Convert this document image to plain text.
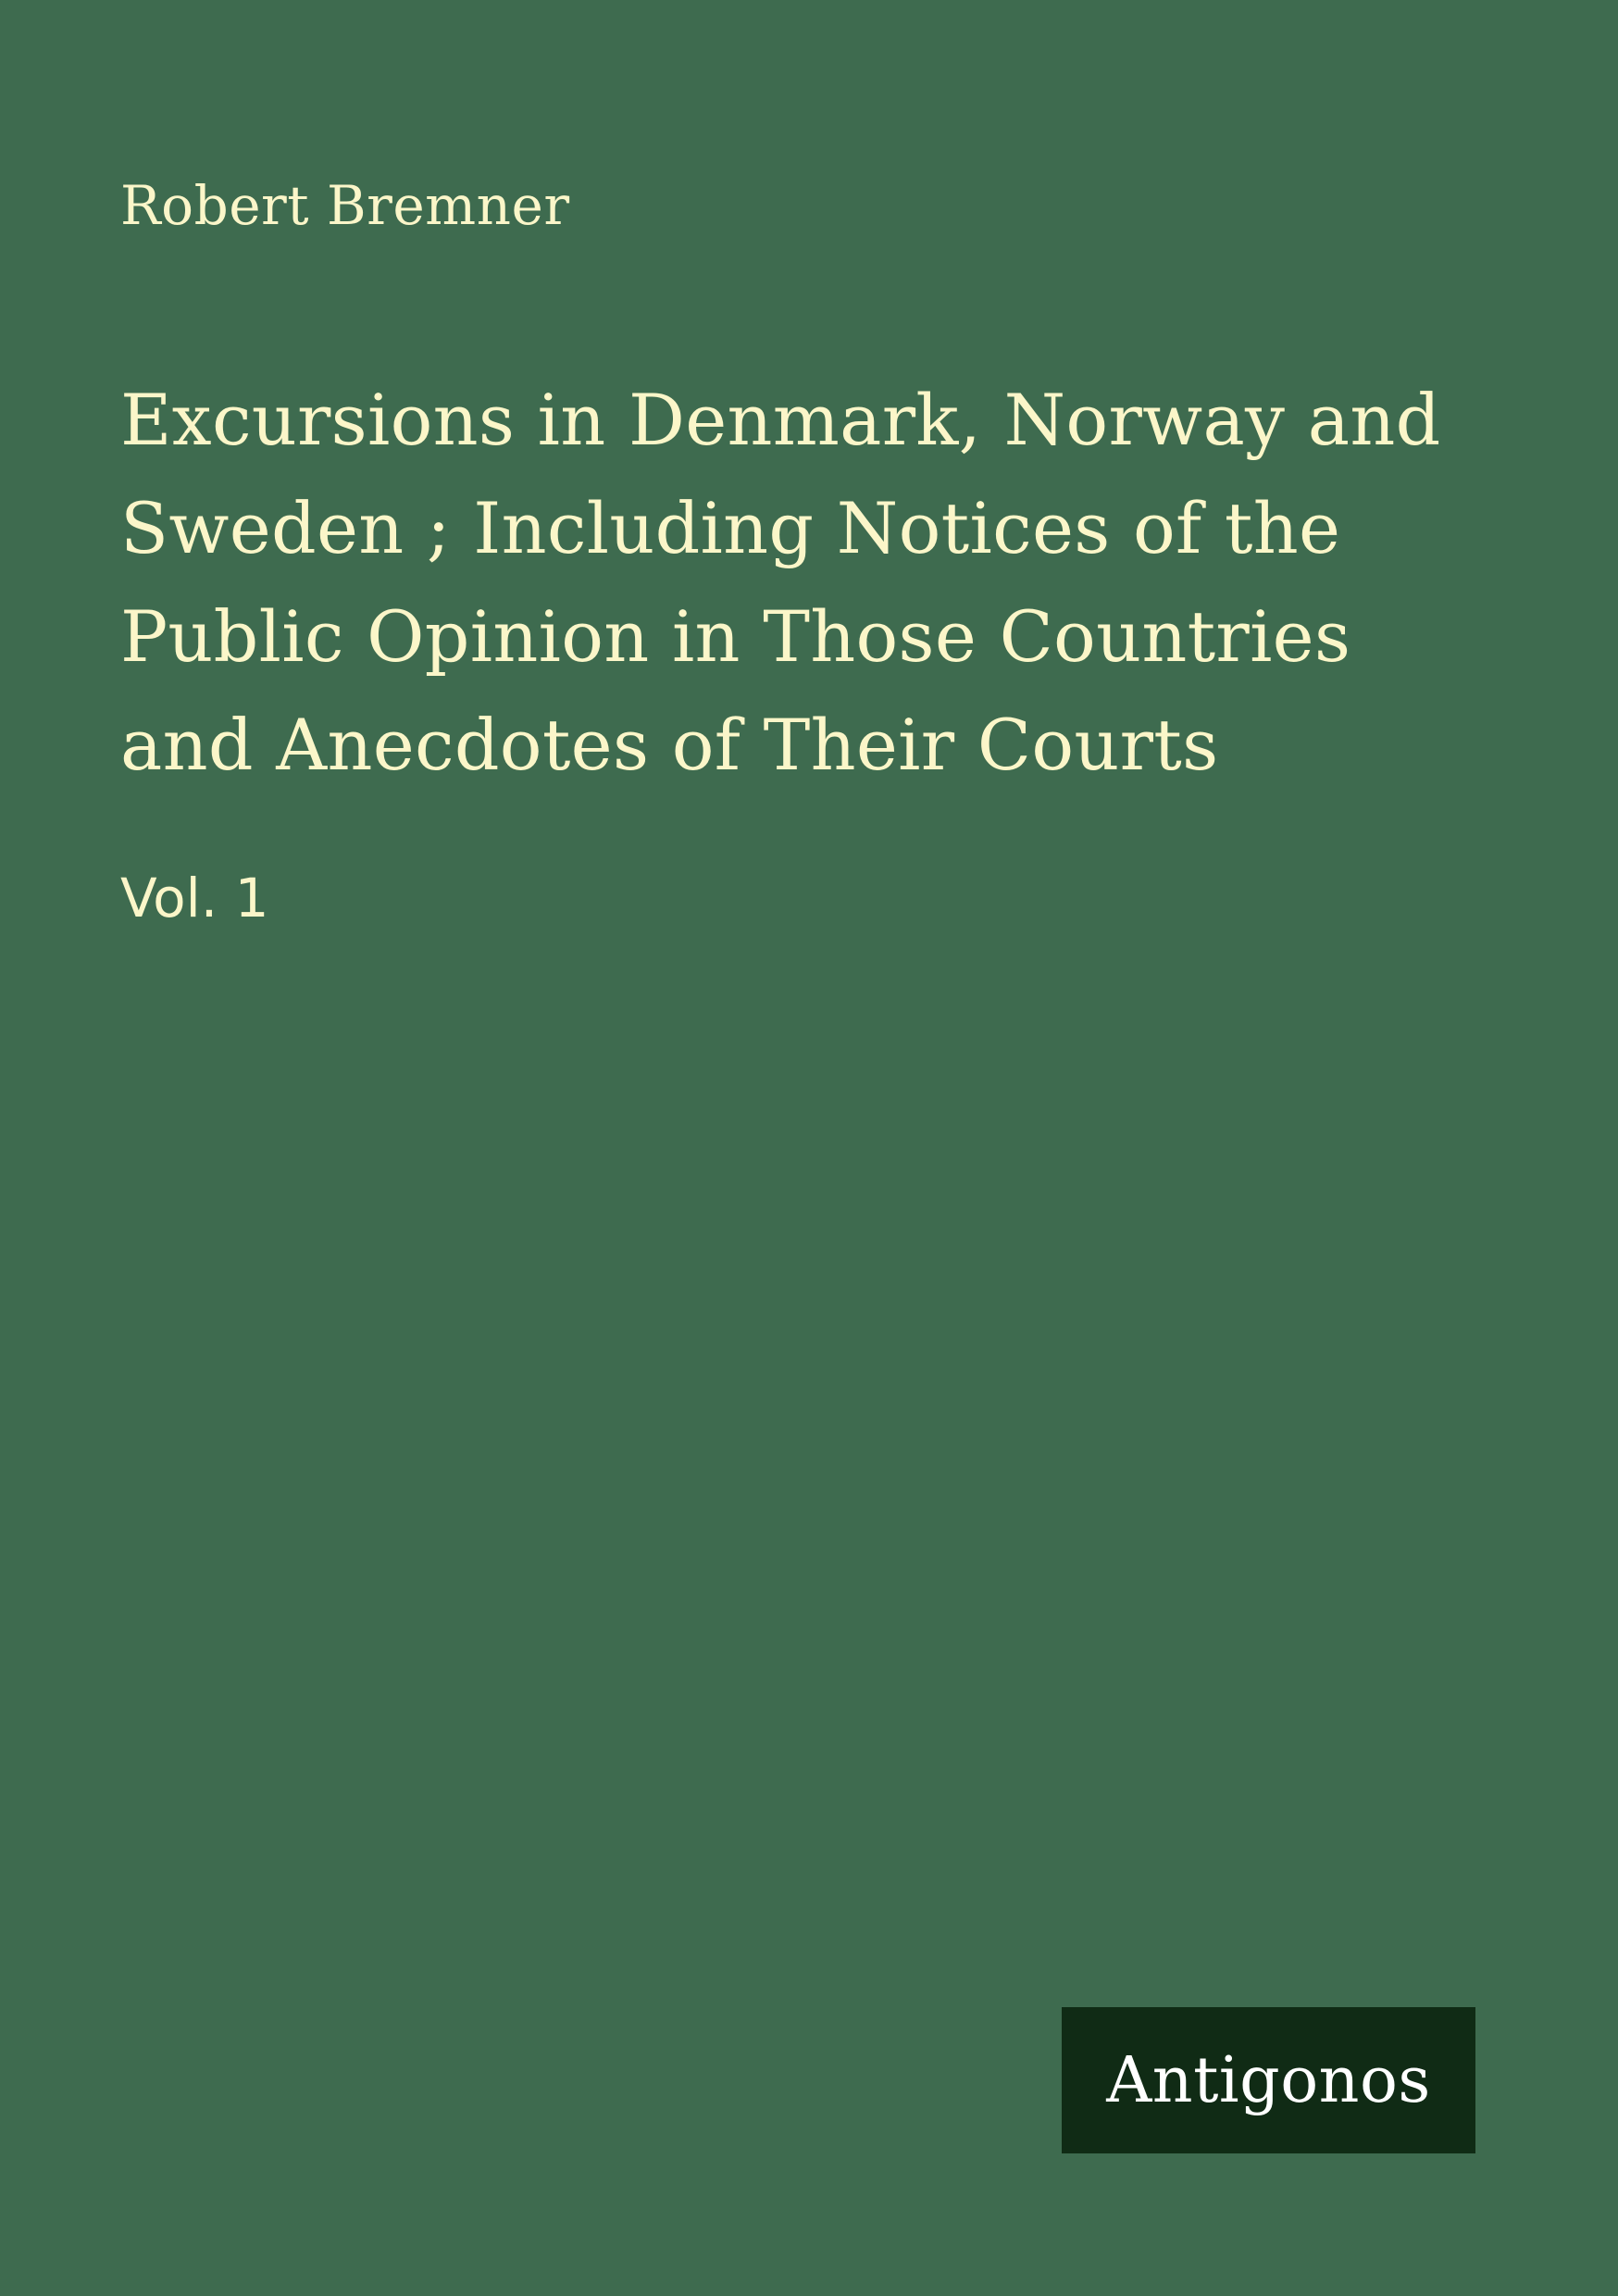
Robert Bremner
Excursions in Denmark, Norway and
Sweden ; Including Notices of the
Public Opinion in Those Countries
and Anecdotes of Their Courts
Vol. 1
Antigonos
